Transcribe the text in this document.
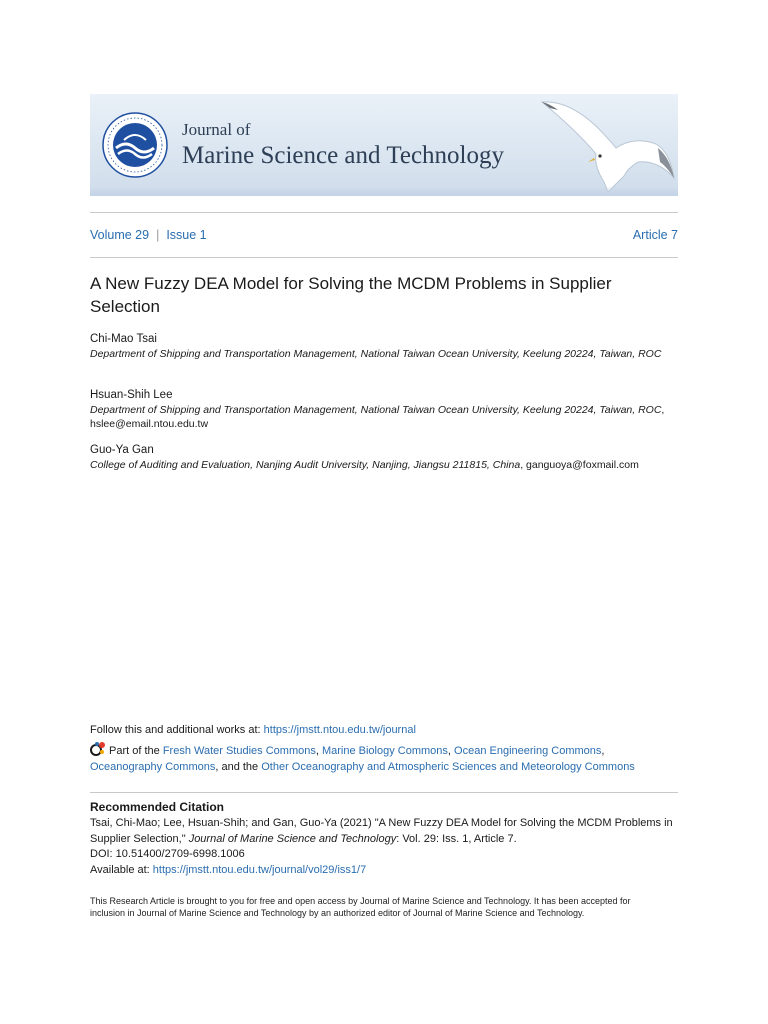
Journal of
Marine Science and Technology
Volume 29 | Issue 1	Article 7
A New Fuzzy DEA Model for Solving the MCDM Problems in Supplier Selection
Chi-Mao Tsai
Department of Shipping and Transportation Management, National Taiwan Ocean University, Keelung 20224, Taiwan, ROC
Hsuan-Shih Lee
Department of Shipping and Transportation Management, National Taiwan Ocean University, Keelung 20224, Taiwan, ROC, hslee@email.ntou.edu.tw
Guo-Ya Gan
College of Auditing and Evaluation, Nanjing Audit University, Nanjing, Jiangsu 211815, China, ganguoya@foxmail.com
Follow this and additional works at: https://jmstt.ntou.edu.tw/journal
Part of the Fresh Water Studies Commons, Marine Biology Commons, Ocean Engineering Commons,
Oceanography Commons, and the Other Oceanography and Atmospheric Sciences and Meteorology Commons
Recommended Citation
Tsai, Chi-Mao; Lee, Hsuan-Shih; and Gan, Guo-Ya (2021) "A New Fuzzy DEA Model for Solving the MCDM Problems in Supplier Selection," Journal of Marine Science and Technology: Vol. 29: Iss. 1, Article 7.
DOI: 10.51400/2709-6998.1006
Available at: https://jmstt.ntou.edu.tw/journal/vol29/iss1/7
This Research Article is brought to you for free and open access by Journal of Marine Science and Technology. It has been accepted for inclusion in Journal of Marine Science and Technology by an authorized editor of Journal of Marine Science and Technology.
